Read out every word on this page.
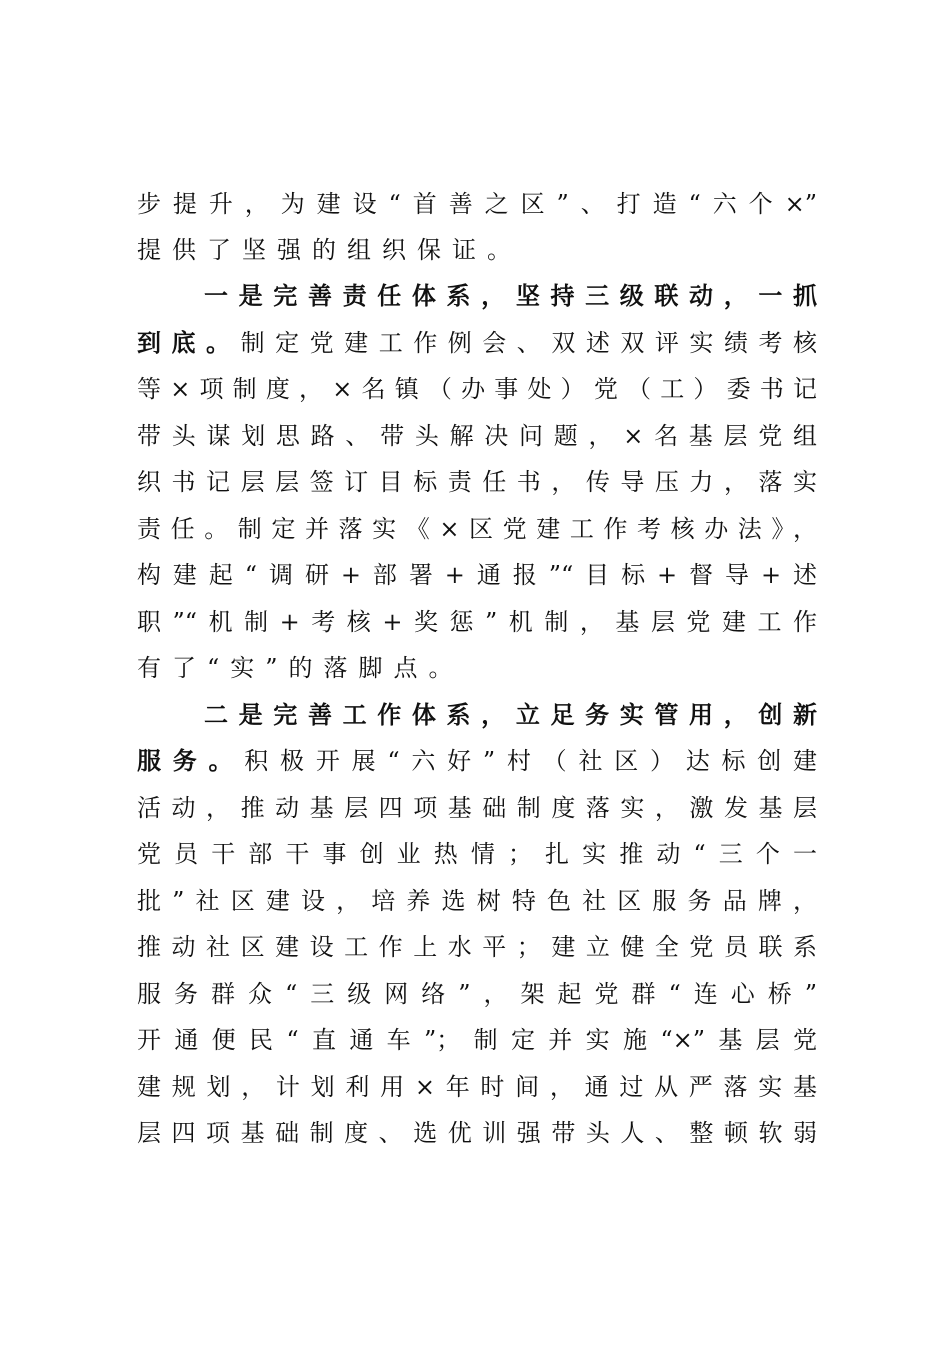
步提升，为建设“首善之区”、打造“六个×”
提供了坚强的组织保证。
一是完善责任体系，坚持三级联动，一抓
到底。制定党建工作例会、双述双评实绩考核
等×项制度，×名镇（办事处）党（工）委书记
带头谋划思路、带头解决问题，×名基层党组
织书记层层签订目标责任书，传导压力，落实
责任。制定并落实《×区党建工作考核办法》，
构建起“调研+部署+通报”“目标+督导+述
职”“机制+考核+奖惩”机制，基层党建工作
有了“实”的落脚点。
二是完善工作体系，立足务实管用，创新
服务。积极开展“六好”村（社区）达标创建
活动，推动基层四项基础制度落实，激发基层
党员干部干事创业热情；扎实推动“三个一
批”社区建设，培养选树特色社区服务品牌，
推动社区建设工作上水平；建立健全党员联系
服务群众“三级网络”，架起党群“连心桥”
开通便民“直通车”；制定并实施“×”基层党
建规划，计划利用×年时间，通过从严落实基
层四项基础制度、选优训强带头人、整顿软弱
